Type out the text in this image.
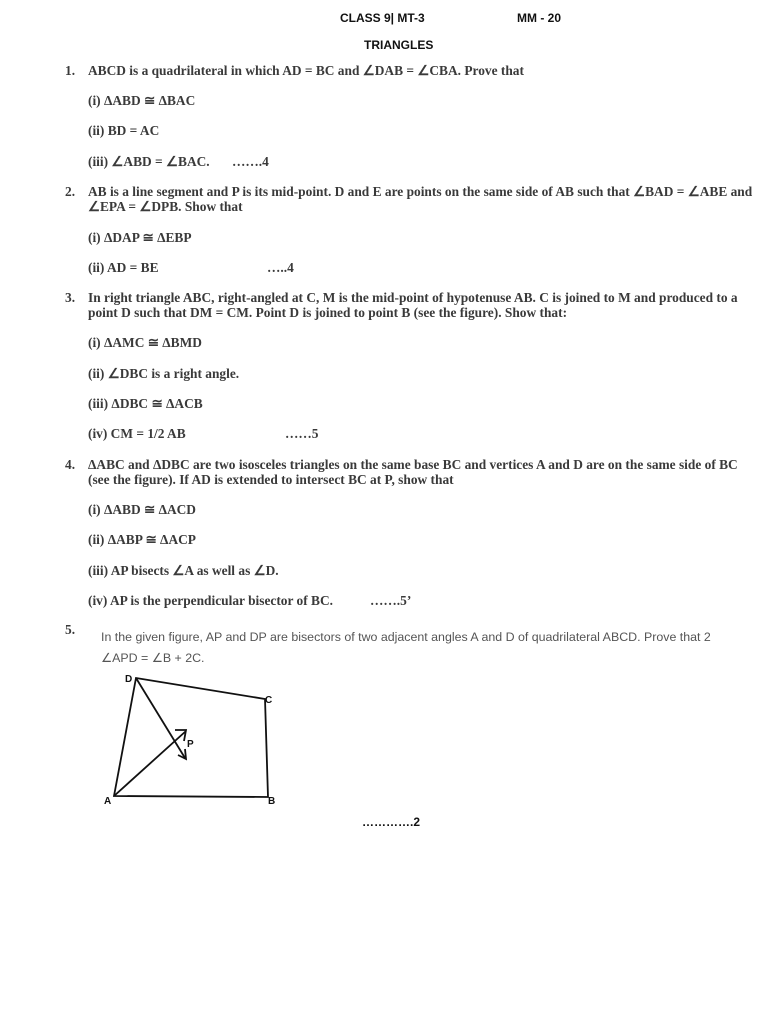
CLASS 9| MT-3	MM - 20
TRIANGLES
1. ABCD is a quadrilateral in which AD = BC and ∠DAB = ∠CBA. Prove that
(i) ΔABD ≅ ΔBAC
(ii) BD = AC
(iii) ∠ABD = ∠BAC. …….4
2. AB is a line segment and P is its mid-point. D and E are points on the same side of AB such that ∠BAD = ∠ABE and ∠EPA = ∠DPB. Show that
(i) ΔDAP ≅ ΔEBP
(ii) AD = BE	…..4
3. In right triangle ABC, right-angled at C, M is the mid-point of hypotenuse AB. C is joined to M and produced to a point D such that DM = CM. Point D is joined to point B (see the figure). Show that:
(i) ΔAMC ≅ ΔBMD
(ii) ∠DBC is a right angle.
(iii) ΔDBC ≅ ΔACB
(iv) CM = 1/2 AB	……5
4. ΔABC and ΔDBC are two isosceles triangles on the same base BC and vertices A and D are on the same side of BC (see the figure). If AD is extended to intersect BC at P, show that
(i) ΔABD ≅ ΔACD
(ii) ΔABP ≅ ΔACP
(iii) AP bisects ∠A as well as ∠D.
(iv) AP is the perpendicular bisector of BC.	…….5’
5. In the given figure, AP and DP are bisectors of two adjacent angles A and D of quadrilateral ABCD. Prove that 2 ∠APD = ∠B + 2C.
A	B
C
D
P
………….2
